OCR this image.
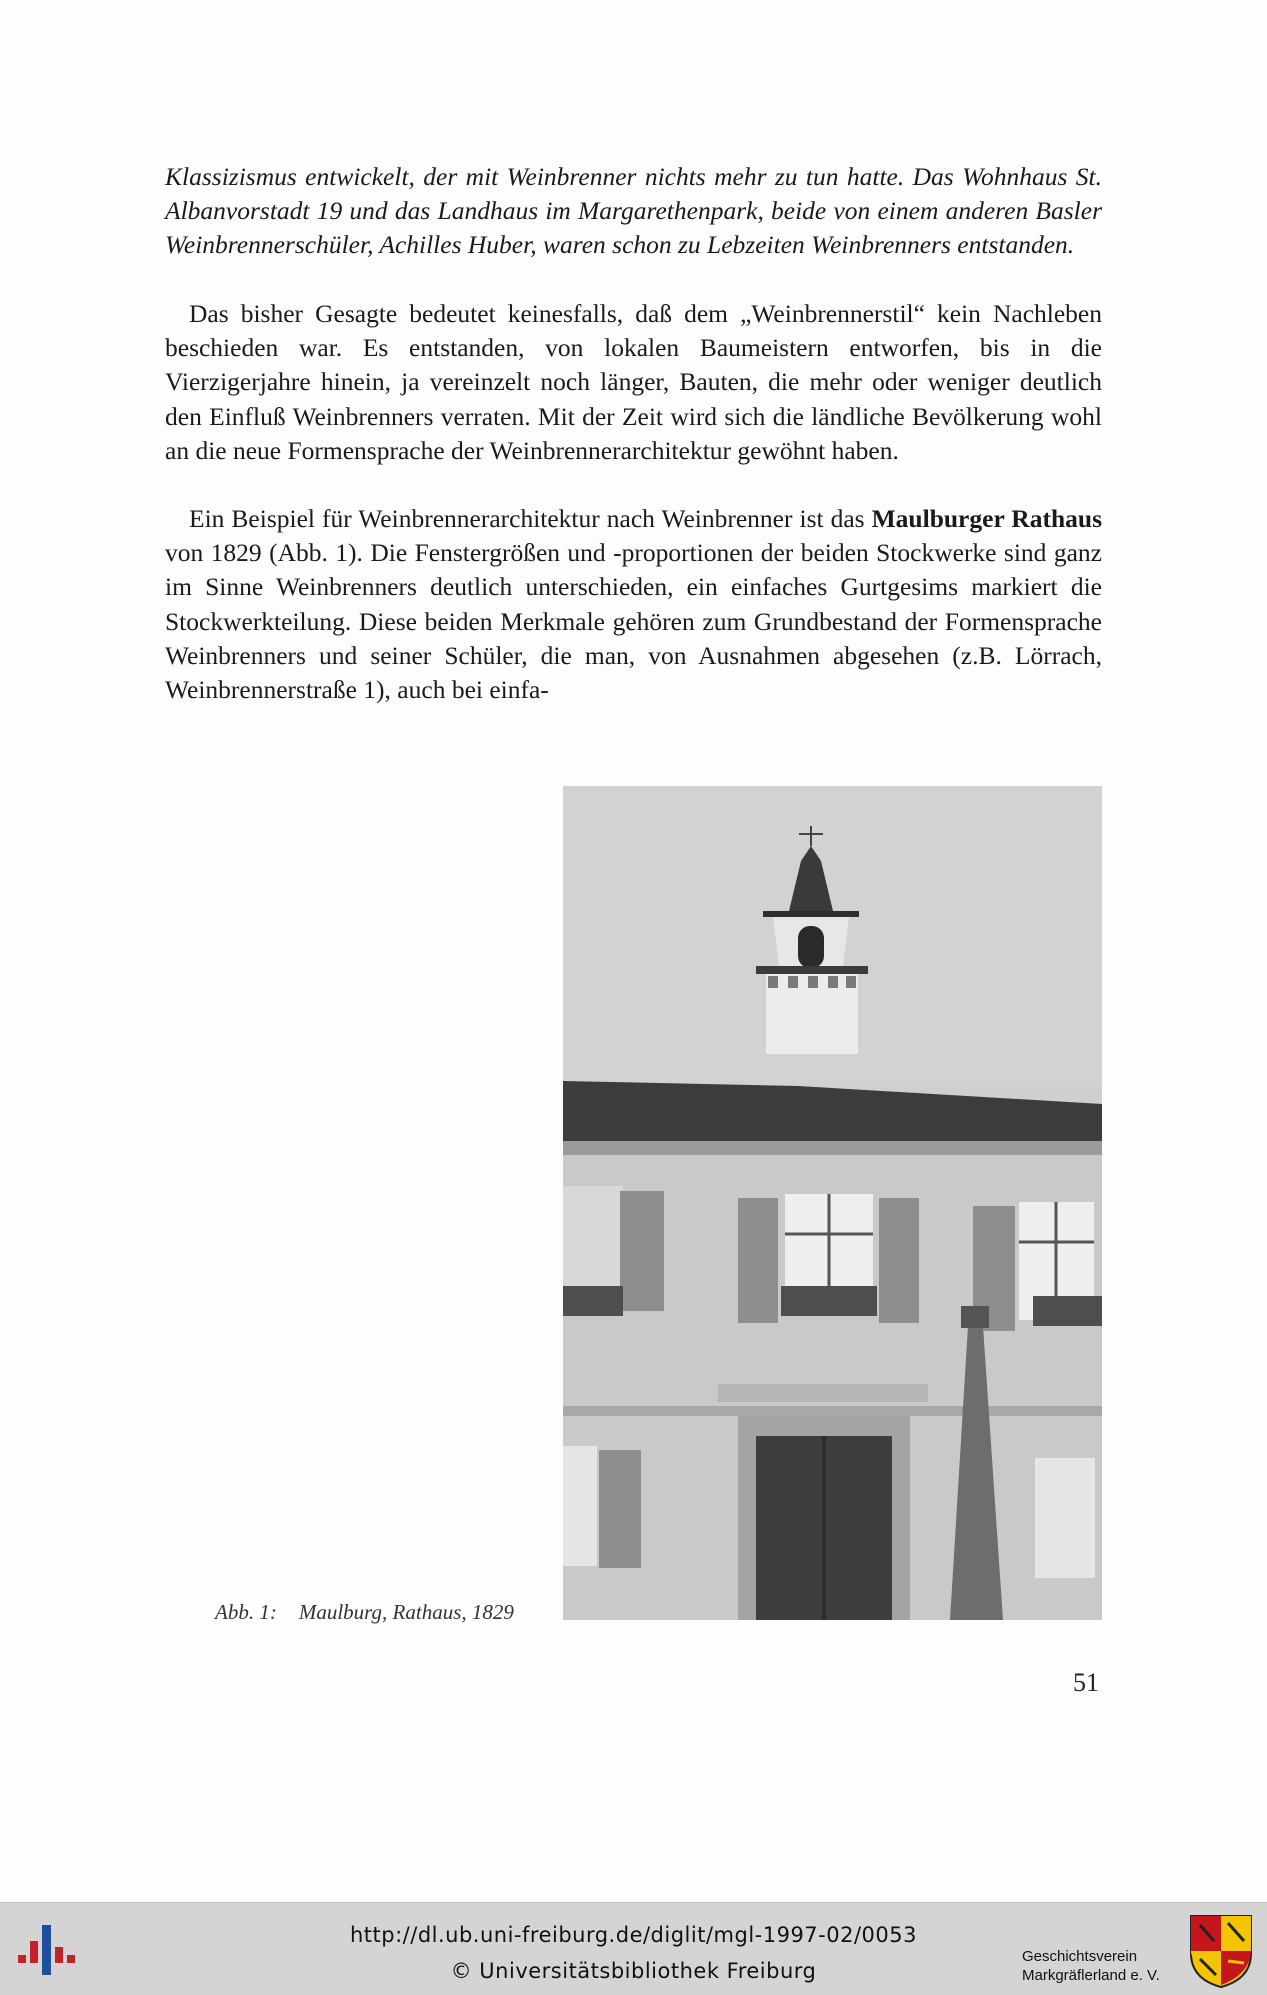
Klassizismus entwickelt, der mit Weinbrenner nichts mehr zu tun hatte. Das Wohnhaus St. Albanvorstadt 19 und das Landhaus im Margarethenpark, beide von einem anderen Basler Weinbrennerschüler, Achilles Huber, waren schon zu Lebzeiten Weinbrenners entstanden.

Das bisher Gesagte bedeutet keinesfalls, daß dem „Weinbrennerstil“ kein Nachleben beschieden war. Es entstanden, von lokalen Baumeistern entworfen, bis in die Vierzigerjahre hinein, ja vereinzelt noch länger, Bauten, die mehr oder weniger deutlich den Einfluß Weinbrenners verraten. Mit der Zeit wird sich die ländliche Bevölkerung wohl an die neue Formensprache der Weinbrennerarchitektur gewöhnt haben.

Ein Beispiel für Weinbrennerarchitektur nach Weinbrenner ist das Maulburger Rathaus von 1829 (Abb. 1). Die Fenstergrößen und -proportionen der beiden Stockwerke sind ganz im Sinne Weinbrenners deutlich unterschieden, ein einfaches Gurtgesims markiert die Stockwerkteilung. Diese beiden Merkmale gehören zum Grundbestand der Formensprache Weinbrenners und seiner Schüler, die man, von Ausnahmen abgesehen (z.B. Lörrach, Weinbrennerstraße 1), auch bei einfa-

Abb. 1: Maulburg, Rathaus, 1829
51
http://dl.ub.uni-freiburg.de/diglit/mgl-1997-02/0053
© Universitätsbibliothek Freiburg
Geschichtsverein
Markgräflerland e. V.
